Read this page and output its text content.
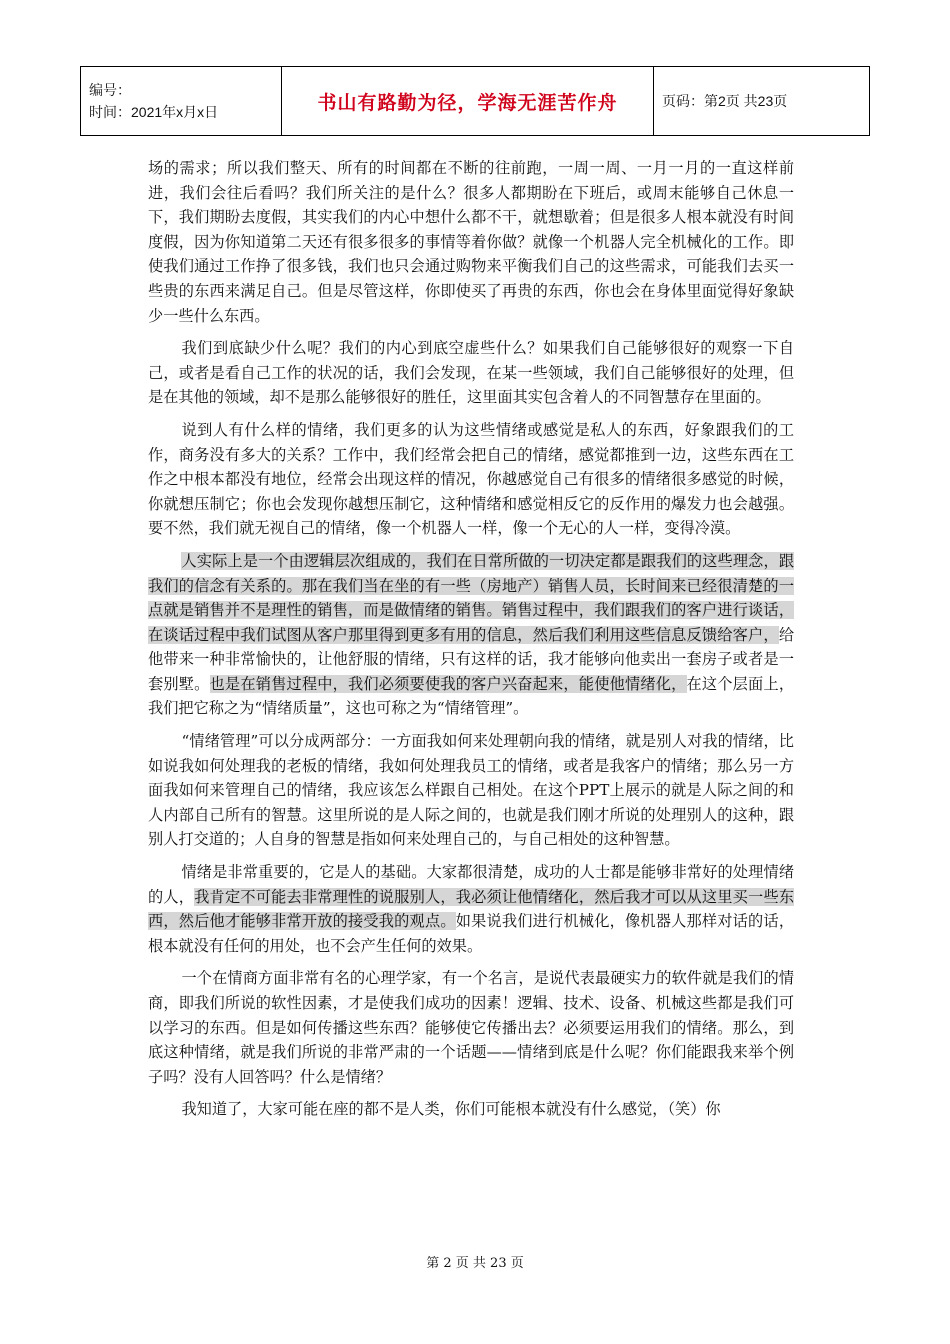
编号：
时间：2021年x月x日	书山有路勤为径，学海无涯苦作舟	页码：第2页 共23页

场的需求；所以我们整天、所有的时间都在不断的往前跑，一周一周、一月一月的一直这样前进，我们会往后看吗？我们所关注的是什么？很多人都期盼在下班后，或周末能够自己休息一下，我们期盼去度假，其实我们的内心中想什么都不干，就想歇着；但是很多人根本就没有时间度假，因为你知道第二天还有很多很多的事情等着你做？就像一个机器人完全机械化的工作。即使我们通过工作挣了很多钱，我们也只会通过购物来平衡我们自己的这些需求，可能我们去买一些贵的东西来满足自己。但是尽管这样，你即使买了再贵的东西，你也会在身体里面觉得好象缺少一些什么东西。

我们到底缺少什么呢？我们的内心到底空虚些什么？如果我们自己能够很好的观察一下自己，或者是看自己工作的状况的话，我们会发现，在某一些领域，我们自己能够很好的处理，但是在其他的领域，却不是那么能够很好的胜任，这里面其实包含着人的不同智慧存在里面的。

说到人有什么样的情绪，我们更多的认为这些情绪或感觉是私人的东西，好象跟我们的工作，商务没有多大的关系？工作中，我们经常会把自己的情绪，感觉都推到一边，这些东西在工作之中根本都没有地位，经常会出现这样的情况，你越感觉自己有很多的情绪很多感觉的时候，你就想压制它；你也会发现你越想压制它，这种情绪和感觉相反它的反作用的爆发力也会越强。要不然，我们就无视自己的情绪，像一个机器人一样，像一个无心的人一样，变得冷漠。

人实际上是一个由逻辑层次组成的，我们在日常所做的一切决定都是跟我们的这些理念，跟我们的信念有关系的。那在我们当在坐的有一些（房地产）销售人员，长时间来已经很清楚的一点就是销售并不是理性的销售，而是做情绪的销售。销售过程中，我们跟我们的客户进行谈话，在谈话过程中我们试图从客户那里得到更多有用的信息，然后我们利用这些信息反馈给客户，给他带来一种非常愉快的，让他舒服的情绪，只有这样的话，我才能够向他卖出一套房子或者是一套别墅。也是在销售过程中，我们必须要使我的客户兴奋起来，能使他情绪化，在这个层面上，我们把它称之为“情绪质量”，这也可称之为“情绪管理”。

“情绪管理”可以分成两部分：一方面我如何来处理朝向我的情绪，就是别人对我的情绪，比如说我如何处理我的老板的情绪，我如何处理我员工的情绪，或者是我客户的情绪；那么另一方面我如何来管理自己的情绪，我应该怎么样跟自己相处。在这个PPT上展示的就是人际之间的和人内部自己所有的智慧。这里所说的是人际之间的，也就是我们刚才所说的处理别人的这种，跟别人打交道的；人自身的智慧是指如何来处理自己的，与自己相处的这种智慧。

情绪是非常重要的，它是人的基础。大家都很清楚，成功的人士都是能够非常好的处理情绪的人，我肯定不可能去非常理性的说服别人，我必须让他情绪化，然后我才可以从这里买一些东西，然后他才能够非常开放的接受我的观点。如果说我们进行机械化，像机器人那样对话的话，根本就没有任何的用处，也不会产生任何的效果。

一个在情商方面非常有名的心理学家，有一个名言，是说代表最硬实力的软件就是我们的情商，即我们所说的软性因素，才是使我们成功的因素！逻辑、技术、设备、机械这些都是我们可以学习的东西。但是如何传播这些东西？能够使它传播出去？必须要运用我们的情绪。那么，到底这种情绪，就是我们所说的非常严肃的一个话题——情绪到底是什么呢？你们能跟我来举个例子吗？没有人回答吗？什么是情绪？

我知道了，大家可能在座的都不是人类，你们可能根本就没有什么感觉，（笑）你

第 2 页 共 23 页
